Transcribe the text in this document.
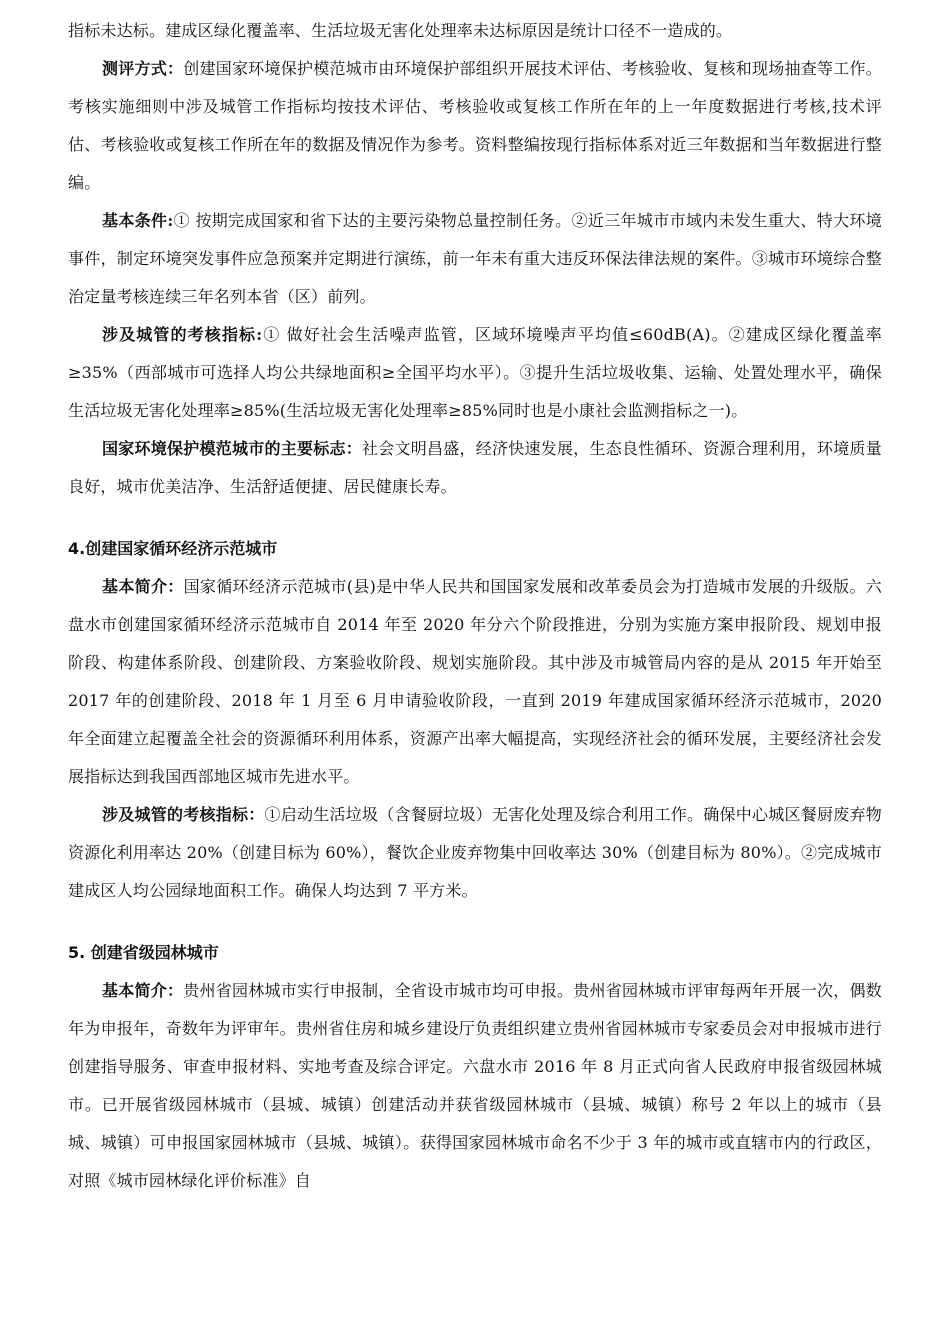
指标未达标。建成区绿化覆盖率、生活垃圾无害化处理率未达标原因是统计口径不一造成的。

测评方式：创建国家环境保护模范城市由环境保护部组织开展技术评估、考核验收、复核和现场抽查等工作。考核实施细则中涉及城管工作指标均按技术评估、考核验收或复核工作所在年的上一年度数据进行考核,技术评估、考核验收或复核工作所在年的数据及情况作为参考。资料整编按现行指标体系对近三年数据和当年数据进行整编。

基本条件:① 按期完成国家和省下达的主要污染物总量控制任务。②近三年城市市域内未发生重大、特大环境事件，制定环境突发事件应急预案并定期进行演练，前一年未有重大违反环保法律法规的案件。③城市环境综合整治定量考核连续三年名列本省（区）前列。

涉及城管的考核指标:① 做好社会生活噪声监管，区域环境噪声平均值≤60dB(A)。②建成区绿化覆盖率≥35%（西部城市可选择人均公共绿地面积≥全国平均水平）。③提升生活垃圾收集、运输、处置处理水平，确保生活垃圾无害化处理率≥85%(生活垃圾无害化处理率≥85%同时也是小康社会监测指标之一)。

国家环境保护模范城市的主要标志：社会文明昌盛，经济快速发展，生态良性循环、资源合理利用，环境质量良好，城市优美洁净、生活舒适便捷、居民健康长寿。

4.创建国家循环经济示范城市

基本简介：国家循环经济示范城市(县)是中华人民共和国国家发展和改革委员会为打造城市发展的升级版。六盘水市创建国家循环经济示范城市自 2014 年至 2020 年分六个阶段推进，分别为实施方案申报阶段、规划申报阶段、构建体系阶段、创建阶段、方案验收阶段、规划实施阶段。其中涉及市城管局内容的是从 2015 年开始至 2017 年的创建阶段、2018 年 1 月至 6 月申请验收阶段，一直到 2019 年建成国家循环经济示范城市，2020 年全面建立起覆盖全社会的资源循环利用体系，资源产出率大幅提高，实现经济社会的循环发展，主要经济社会发展指标达到我国西部地区城市先进水平。

涉及城管的考核指标：①启动生活垃圾（含餐厨垃圾）无害化处理及综合利用工作。确保中心城区餐厨废弃物资源化利用率达 20%（创建目标为 60%），餐饮企业废弃物集中回收率达 30%（创建目标为 80%）。②完成城市建成区人均公园绿地面积工作。确保人均达到 7 平方米。

5. 创建省级园林城市

基本简介：贵州省园林城市实行申报制，全省设市城市均可申报。贵州省园林城市评审每两年开展一次，偶数年为申报年，奇数年为评审年。贵州省住房和城乡建设厅负责组织建立贵州省园林城市专家委员会对申报城市进行创建指导服务、审查申报材料、实地考查及综合评定。六盘水市 2016 年 8 月正式向省人民政府申报省级园林城市。已开展省级园林城市（县城、城镇）创建活动并获省级园林城市（县城、城镇）称号 2 年以上的城市（县城、城镇）可申报国家园林城市（县城、城镇）。获得国家园林城市命名不少于 3 年的城市或直辖市内的行政区，对照《城市园林绿化评价标准》自
